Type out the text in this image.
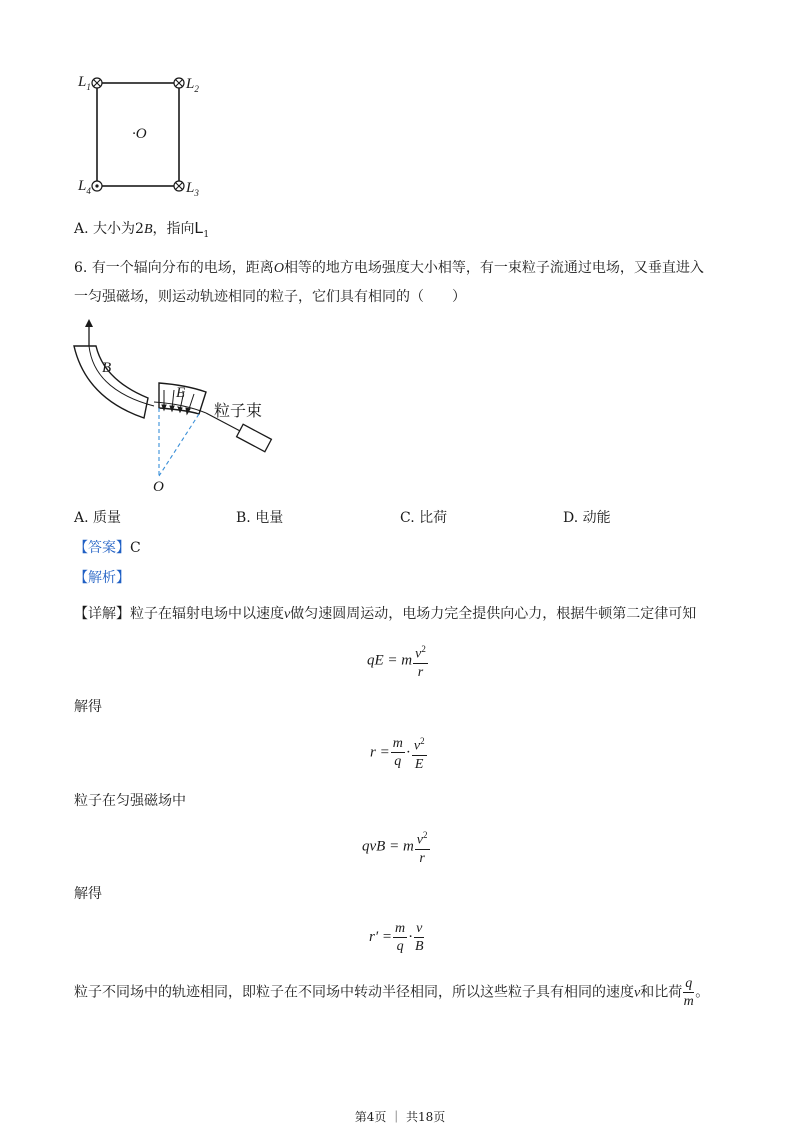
$L_1$	$L_2$
$L_3$
$L_4$
·O
A. 大小为2B，指向$L_1$
6. 有一个辐向分布的电场，距离O相等的地方电场强度大小相等，有一束粒子流通过电场，又垂直进入
一匀强磁场，则运动轨迹相同的粒子，它们具有相同的（　　）
B
E
粒子束
O
A. 质量	B. 电量	C. 比荷	D. 动能
【答案】C
【解析】
【详解】粒子在辐射电场中以速度v做匀速圆周运动，电场力完全提供向心力，根据牛顿第二定律可知
qE = m $\frac{v^2}{r}$
解得
$r = \frac{m}{q} \cdot \frac{v^2}{E}$
粒子在匀强磁场中
qvB = m $\frac{v^2}{r}$
解得
$r' = \frac{m}{q} \cdot \frac{v}{B}$
粒子不同场中的轨迹相同，即粒子在不同场中转动半径相同，所以这些粒子具有相同的速度v和比荷 $\frac{q}{m}$ 。
第4页 ｜ 共18页
